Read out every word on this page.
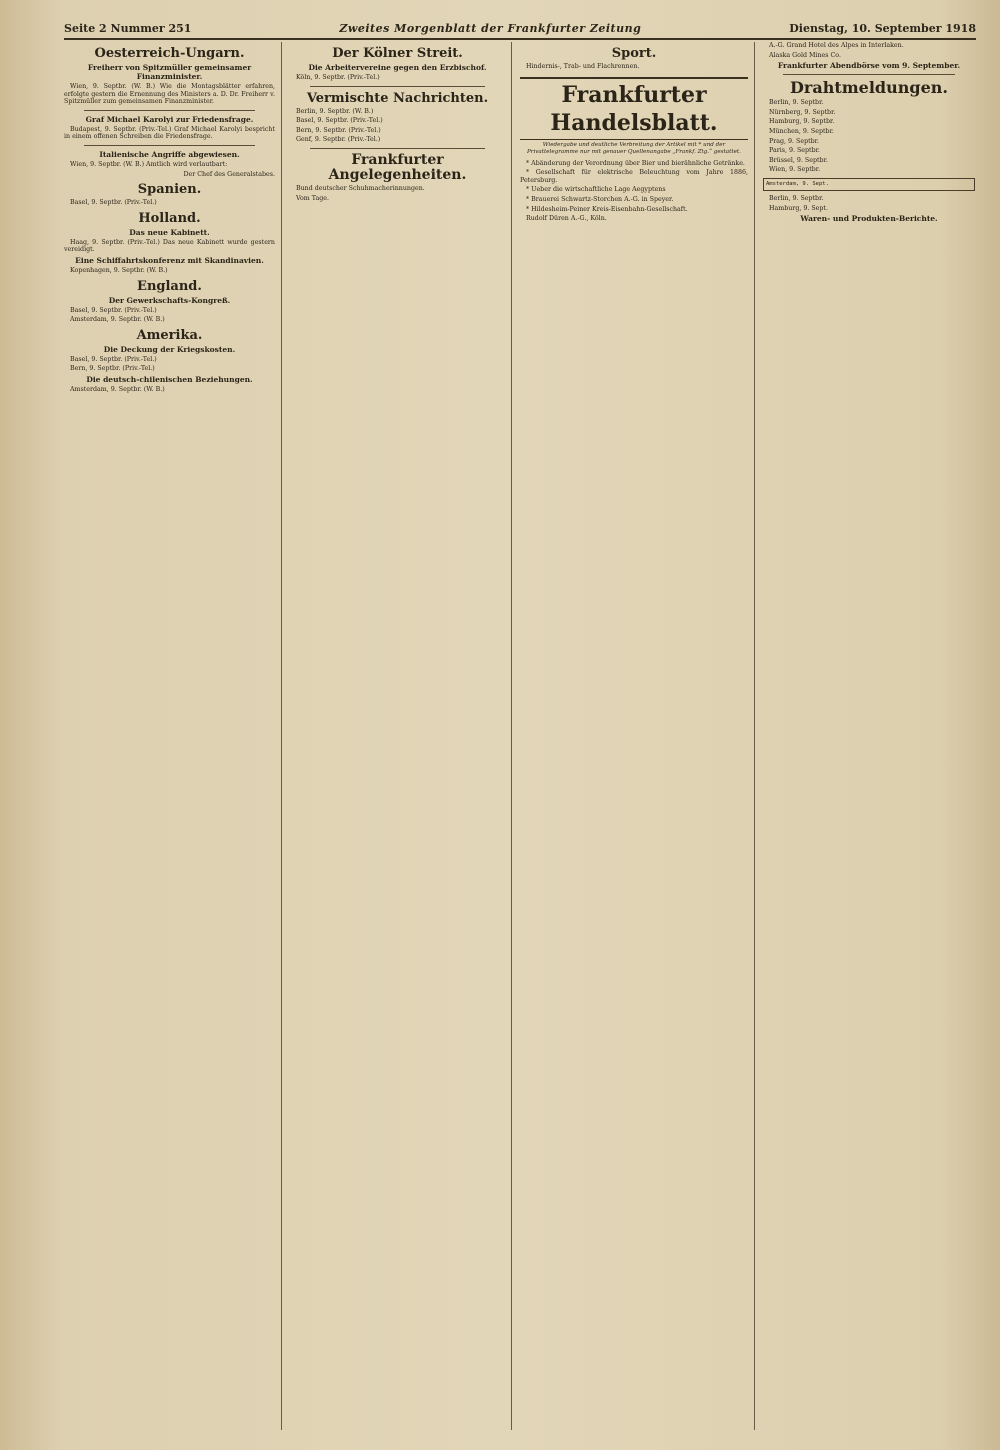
Seite 2 Nummer 251	Zweites Morgenblatt der Frankfurter Zeitung	Dienstag, 10. September 1918
Oesterreich-Ungarn.
Freiherr von Spitzmüller gemeinsamer Finanzminister.

Wien, 9. Septbr. (W. B.) Wie die Montagsblätter erfahren, erfolgte gestern die Ernennung des Ministers a. D. Dr. Freiherr v. Spitzmüller zum gemeinsamen Finanzminister.

Graf Michael Karolyi zur Friedensfrage.

Budapest, 9. Septbr. (Priv.-Tel.) Graf Michael Karolyi bespricht in einem offenen Schreiben die Friedensfrage.

Italienische Angriffe abgewiesen.

Wien, 9. Septbr. (W. B.) Amtlich wird verlautbart:

Der Chef des Generalstabes.

Spanien.

Basel, 9. Septbr. (Priv.-Tel.)

Holland.
Das neue Kabinett.

Haag, 9. Septbr. (Priv.-Tel.) Das neue Kabinett wurde gestern vereidigt.

Eine Schiffahrtskonferenz mit Skandinavien.

Kopenhagen, 9. Septbr. (W. B.)

England.
Der Gewerkschafts-Kongreß.

Basel, 9. Septbr. (Priv.-Tel.)

Amsterdam, 9. Septbr. (W. B.)

Amerika.
Die Deckung der Kriegskosten.

Basel, 9. Septbr. (Priv.-Tel.)

Bern, 9. Septbr. (Priv.-Tel.)

Die deutsch-chilenischen Beziehungen.

Amsterdam, 9. Septbr. (W. B.)

Der Kölner Streit.
Die Arbeitervereine gegen den Erzbischof.

Köln, 9. Septbr. (Priv.-Tel.)

Vermischte Nachrichten.

Berlin, 9. Septbr. (W. B.)

Basel, 9. Septbr. (Priv.-Tel.)

Bern, 9. Septbr. (Priv.-Tel.)

Genf, 9. Septbr. (Priv.-Tel.)

Frankfurter Angelegenheiten.

Bund deutscher Schuhmacherinnungen.

Vom Tage.

Sport.

Hindernis-, Trab- und Flachrennen.

Frankfurter Handelsblatt.
Wiedergabe und deutliche Verbreitung der Artikel mit * und der Privattelegramme nur mit genauer Quellenangabe „Frankf. Ztg.“ gestattet.

* Abänderung der Verordnung über Bier und bierähnliche Getränke.

* Gesellschaft für elektrische Beleuchtung vom Jahre 1886, Petersburg.

* Ueber die wirtschaftliche Lage Aegyptens

* Brauerei Schwartz-Storchen A.-G. in Speyer.

* Hildesheim-Peiner Kreis-Eisenbahn-Gesellschaft.

Rudolf Düren A.-G., Köln.

A.-G. Grand Hotel des Alpes in Interlaken.

Alaska Gold Mines Co.

Frankfurter Abendbörse vom 9. September.
Drahtmeldungen.

Berlin, 9. Septbr.

Nürnberg, 9. Septbr.

Hamburg, 9. Septbr.

München, 9. Septbr.

Prag, 9. Septbr.

Paris, 9. Septbr.

Brüssel, 9. Septbr.

Wien, 9. Septbr.

Amsterdam, 9. Sept.

Berlin, 9. Septbr.

Hamburg, 9. Sept.

Waren- und Produkten-Berichte.
